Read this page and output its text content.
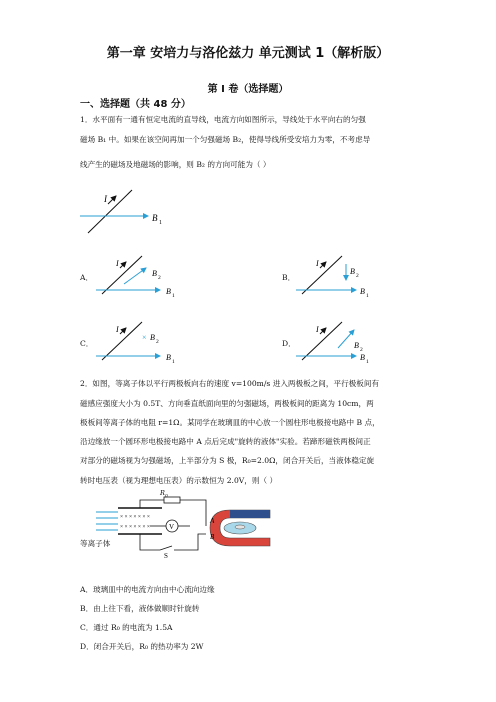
第一章 安培力与洛伦兹力 单元测试 1（解析版）
第 I 卷（选择题）
一、选择题（共 48 分）
1．水平面有一通有恒定电流的直导线，电流方向如图所示，导线处于水平向右的匀强
磁场 B₁ 中。如果在该空间再加一个匀强磁场 B₂，使得导线所受安培力为零，不考虑导
线产生的磁场及地磁场的影响，则 B₂ 的方向可能为（ ）
I
B 1
A．
I
B 2
B 1
B．
I
B 2
B 1
C．
I
× B 2
B 1
D．
I
B 2
B 1
2．如图，等离子体以平行两极板向右的速度 v=100m/s 进入两极板之间，平行极板间有
磁感应强度大小为 0.5T、方向垂直纸面向里的匀强磁场，两极板间的距离为 10cm，两
极板间等离子体的电阻 r=1Ω。某同学在玻璃皿的中心放一个圆柱形电极接电路中 B 点，
沿边缘放一个圆环形电极接电路中 A 点后完成"旋转的液体"实验。若蹄形磁铁两极间正
对部分的磁场视为匀强磁场，上半部分为 S 极，R₀=2.0Ω，闭合开关后，当液体稳定旋
转时电压表（视为理想电压表）的示数恒为 2.0V，则（ ）
× × × × × × ×
× × × × × × ×	V
A
B
S
$R_0$
等离子体
A．玻璃皿中的电流方向由中心流向边缘
B．由上往下看，液体做顺时针旋转
C．通过 R₀ 的电流为 1.5A
D．闭合开关后，R₀ 的热功率为 2W
